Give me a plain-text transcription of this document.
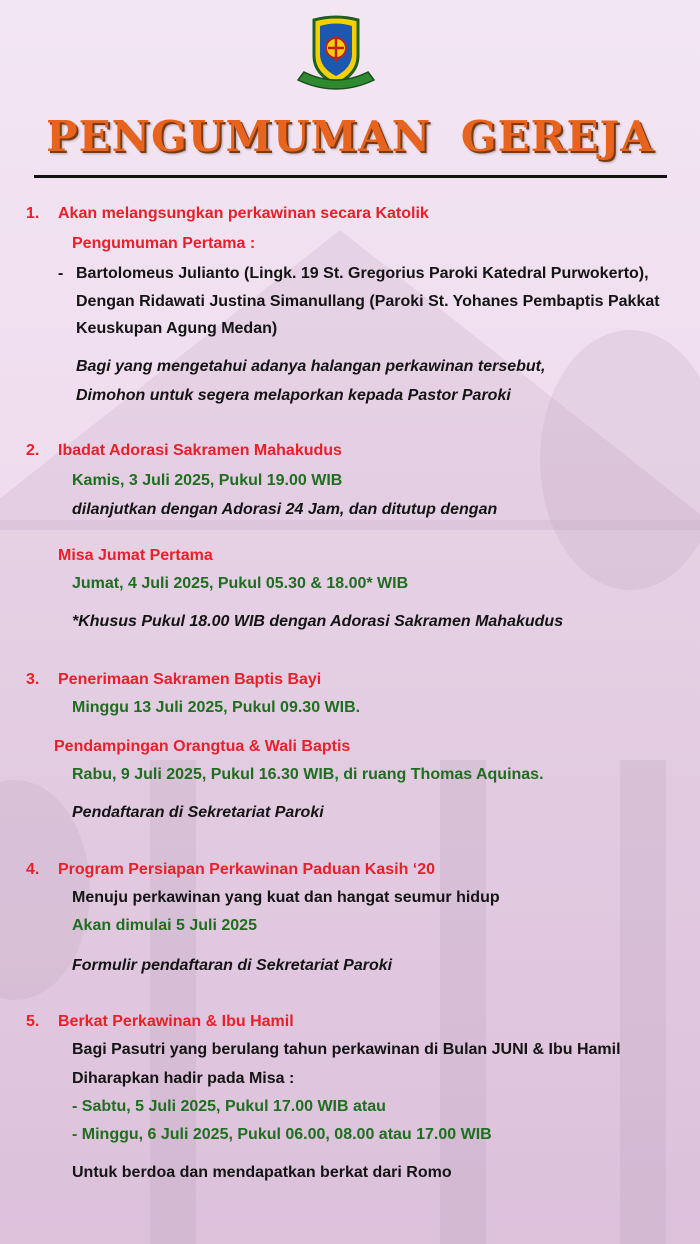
PENGUMUMAN GEREJA
1. Akan melangsungkan perkawinan secara Katolik
Pengumuman Pertama :
- Bartolomeus Julianto (Lingk. 19 St. Gregorius Paroki Katedral Purwokerto),
Dengan Ridawati Justina Simanullang (Paroki St. Yohanes Pembaptis Pakkat
Keuskupan Agung Medan)
Bagi yang mengetahui adanya halangan perkawinan tersebut,
Dimohon untuk segera melaporkan kepada Pastor Paroki
2. Ibadat Adorasi Sakramen Mahakudus
Kamis, 3 Juli 2025, Pukul 19.00 WIB
dilanjutkan dengan Adorasi 24 Jam, dan ditutup dengan
Misa Jumat Pertama
Jumat, 4 Juli 2025, Pukul 05.30 & 18.00* WIB
*Khusus Pukul 18.00 WIB dengan Adorasi Sakramen Mahakudus
3. Penerimaan Sakramen Baptis Bayi
Minggu 13 Juli 2025, Pukul 09.30 WIB.
Pendampingan Orangtua & Wali Baptis
Rabu, 9 Juli 2025, Pukul 16.30 WIB, di ruang Thomas Aquinas.
Pendaftaran di Sekretariat Paroki
4. Program Persiapan Perkawinan Paduan Kasih ‘20
Menuju perkawinan yang kuat dan hangat seumur hidup
Akan dimulai 5 Juli 2025
Formulir pendaftaran di Sekretariat Paroki
5. Berkat Perkawinan & Ibu Hamil
Bagi Pasutri yang berulang tahun perkawinan di Bulan JUNI & Ibu Hamil
Diharapkan hadir pada Misa :
- Sabtu, 5 Juli 2025, Pukul 17.00 WIB atau
- Minggu, 6 Juli 2025, Pukul 06.00, 08.00 atau 17.00 WIB
Untuk berdoa dan mendapatkan berkat dari Romo
